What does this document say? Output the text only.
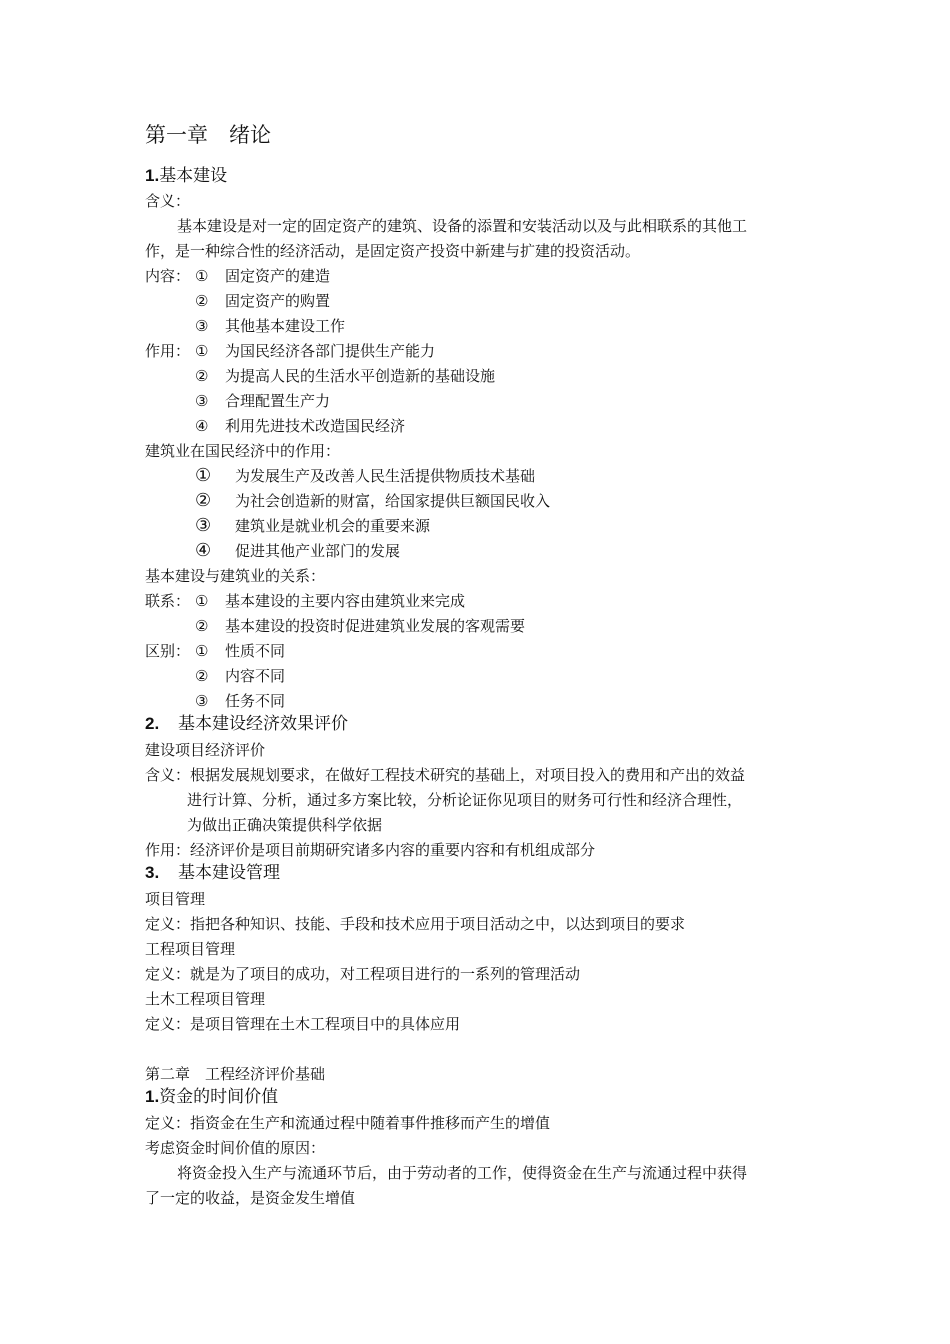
第一章　绪论
1.基本建设
含义：
基本建设是对一定的固定资产的建筑、设备的添置和安装活动以及与此相联系的其他工
作，是一种综合性的经济活动，是固定资产投资中新建与扩建的投资活动。
内容： ① 固定资产的建造
② 固定资产的购置
③ 其他基本建设工作
作用： ① 为国民经济各部门提供生产能力
② 为提高人民的生活水平创造新的基础设施
③ 合理配置生产力
④ 利用先进技术改造国民经济
建筑业在国民经济中的作用：
① 为发展生产及改善人民生活提供物质技术基础
② 为社会创造新的财富，给国家提供巨额国民收入
③ 建筑业是就业机会的重要来源
④ 促进其他产业部门的发展
基本建设与建筑业的关系：
联系： ① 基本建设的主要内容由建筑业来完成
② 基本建设的投资时促进建筑业发展的客观需要
区别： ① 性质不同
② 内容不同
③ 任务不同
2. 基本建设经济效果评价
建设项目经济评价
含义：根据发展规划要求，在做好工程技术研究的基础上，对项目投入的费用和产出的效益
进行计算、分析，通过多方案比较，分析论证你见项目的财务可行性和经济合理性，
为做出正确决策提供科学依据
作用：经济评价是项目前期研究诸多内容的重要内容和有机组成部分
3. 基本建设管理
项目管理
定义：指把各种知识、技能、手段和技术应用于项目活动之中，以达到项目的要求
工程项目管理
定义：就是为了项目的成功，对工程项目进行的一系列的管理活动
土木工程项目管理
定义：是项目管理在土木工程项目中的具体应用
第二章　工程经济评价基础
1.资金的时间价值
定义：指资金在生产和流通过程中随着事件推移而产生的增值
考虑资金时间价值的原因：
将资金投入生产与流通环节后，由于劳动者的工作，使得资金在生产与流通过程中获得
了一定的收益，是资金发生增值
